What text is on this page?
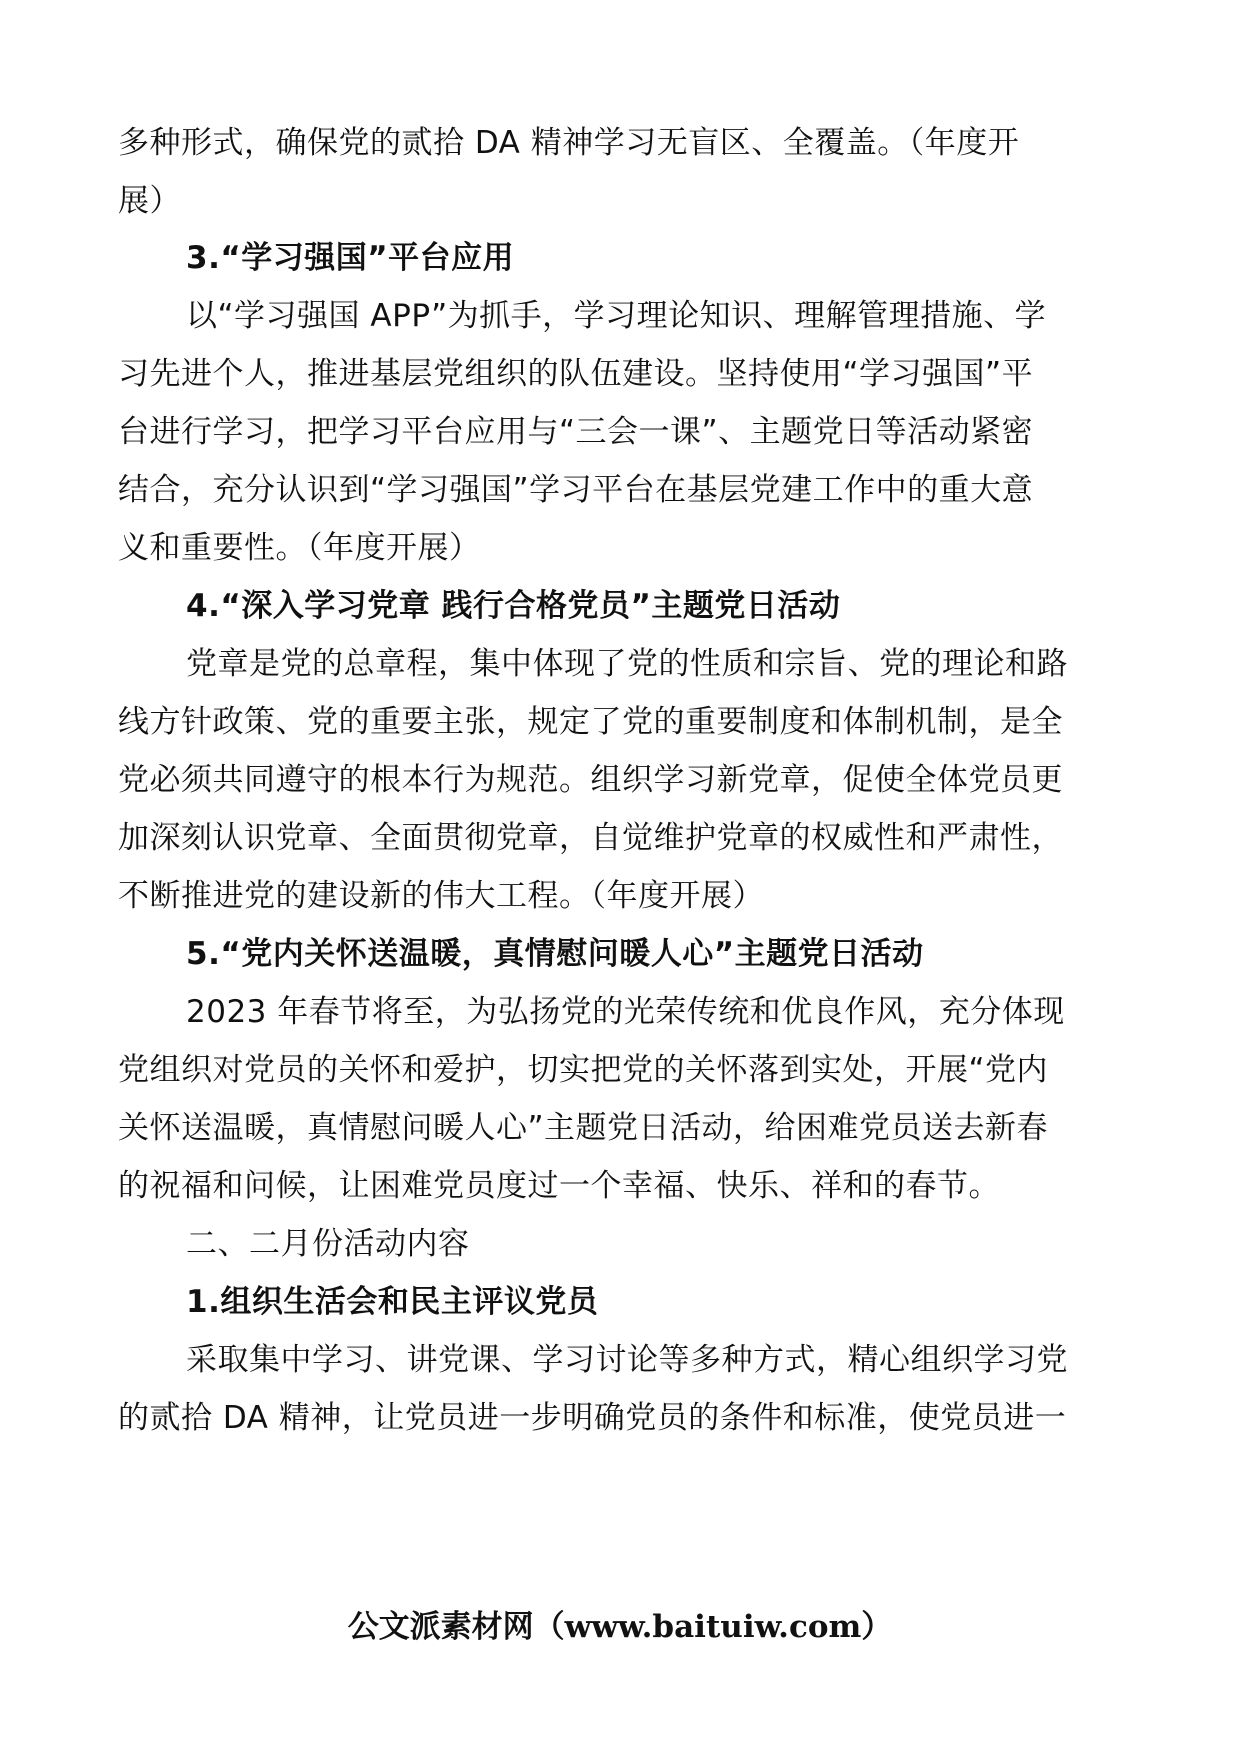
多种形式，确保党的贰拾 DA 精神学习无盲区、全覆盖。（年度开
展）
3.“学习强国”平台应用
以“学习强国 APP”为抓手，学习理论知识、理解管理措施、学
习先进个人，推进基层党组织的队伍建设。坚持使用“学习强国”平
台进行学习，把学习平台应用与“三会一课”、主题党日等活动紧密
结合，充分认识到“学习强国”学习平台在基层党建工作中的重大意
义和重要性。（年度开展）
4.“深入学习党章 践行合格党员”主题党日活动
党章是党的总章程，集中体现了党的性质和宗旨、党的理论和路
线方针政策、党的重要主张，规定了党的重要制度和体制机制，是全
党必须共同遵守的根本行为规范。组织学习新党章，促使全体党员更
加深刻认识党章、全面贯彻党章，自觉维护党章的权威性和严肃性，
不断推进党的建设新的伟大工程。（年度开展）
5.“党内关怀送温暖，真情慰问暖人心”主题党日活动
2023 年春节将至，为弘扬党的光荣传统和优良作风，充分体现
党组织对党员的关怀和爱护，切实把党的关怀落到实处，开展“党内
关怀送温暖，真情慰问暖人心”主题党日活动，给困难党员送去新春
的祝福和问候，让困难党员度过一个幸福、快乐、祥和的春节。
二、二月份活动内容
1.组织生活会和民主评议党员
采取集中学习、讲党课、学习讨论等多种方式，精心组织学习党
的贰拾 DA 精神，让党员进一步明确党员的条件和标准，使党员进一
公文派素材网（www.baituiw.com）
